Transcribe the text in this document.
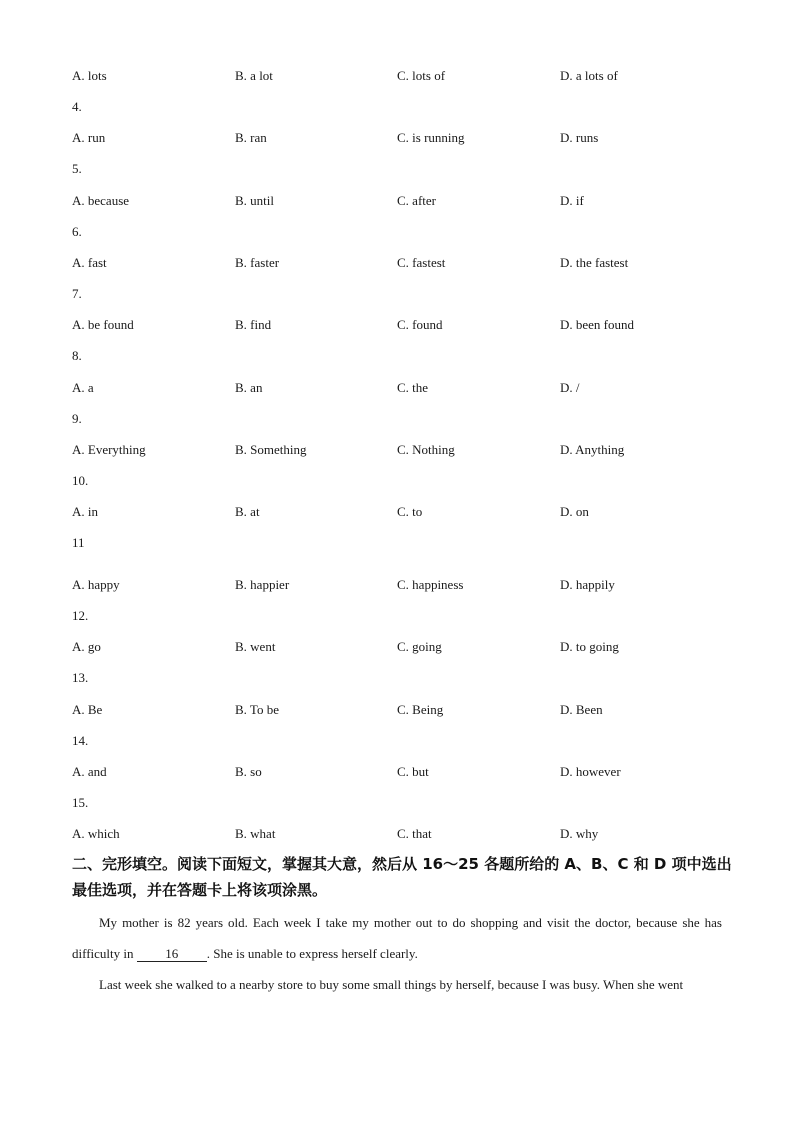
A. lots	B. a lot	C. lots of	D. a lots of
4.
A. run	B. ran	C. is running	D. runs
5.
A. because	B. until	C. after	D. if
6.
A. fast	B. faster	C. fastest	D. the fastest
7.
A. be found	B. find	C. found	D. been found
8.
A. a	B. an	C. the	D. /
9.
A. Everything	B. Something	C. Nothing	D. Anything
10.
A. in	B. at	C. to	D. on
11
A. happy	B. happier	C. happiness	D. happily
12.
A. go	B. went	C. going	D. to going
13.
A. Be	B. To be	C. Being	D. Been
14.
A. and	B. so	C. but	D. however
15.
A. which	B. what	C. that	D. why
二、完形填空。阅读下面短文，掌握其大意，然后从 16～25 各题所给的 A、B、C 和 D 项中选出最佳选项，并在答题卡上将该项涂黑。
My mother is 82 years old. Each week I take my mother out to do shopping and visit the doctor, because she has difficulty in 16 . She is unable to express herself clearly.
Last week she walked to a nearby store to buy some small things by herself, because I was busy. When she went
